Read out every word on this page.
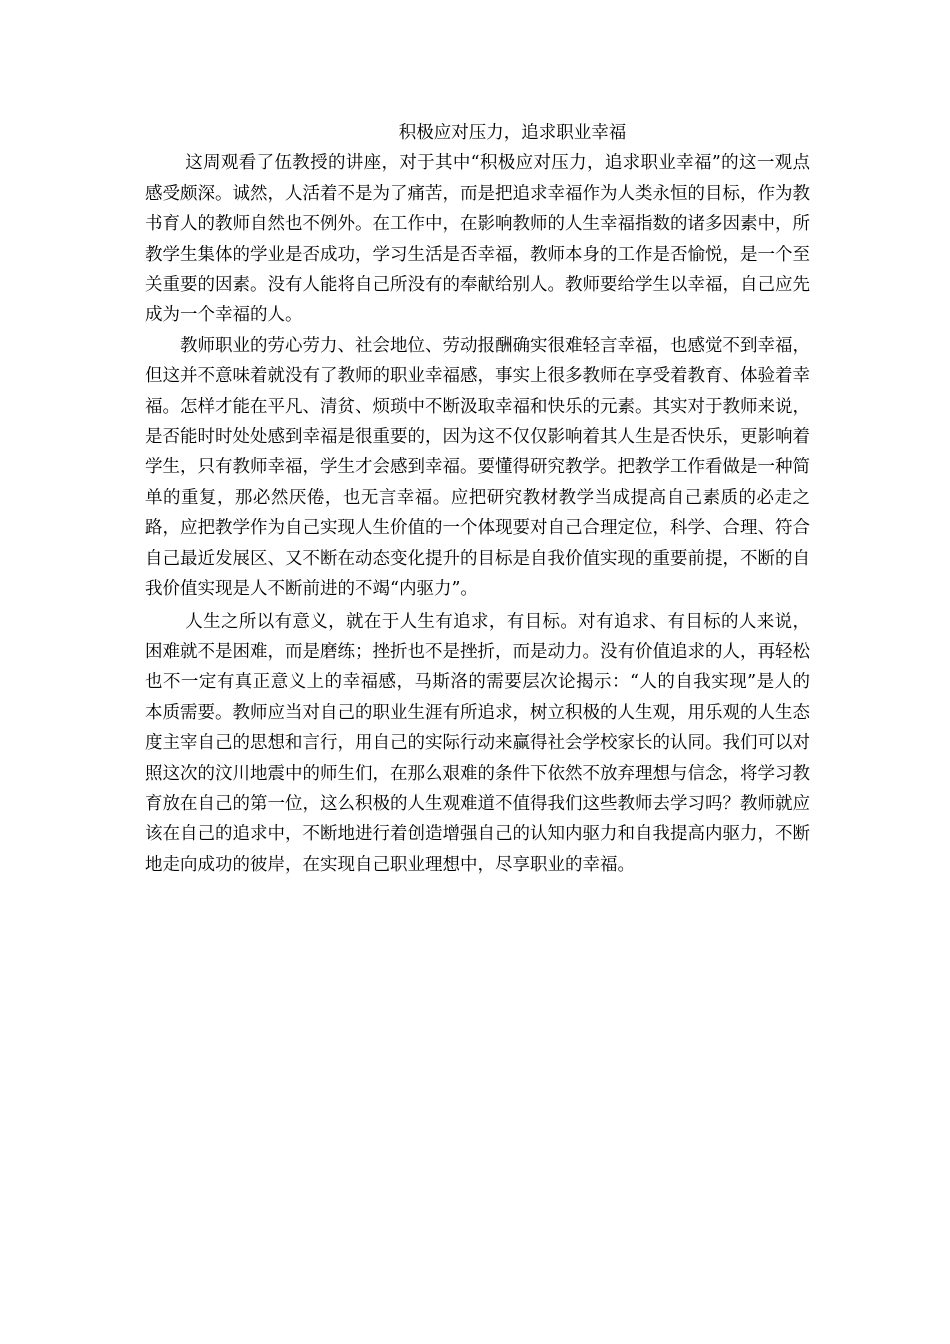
积极应对压力，追求职业幸福

这周观看了伍教授的讲座，对于其中“积极应对压力，追求职业幸福”的这一观点感受颇深。诚然，人活着不是为了痛苦，而是把追求幸福作为人类永恒的目标，作为教书育人的教师自然也不例外。在工作中，在影响教师的人生幸福指数的诸多因素中，所教学生集体的学业是否成功，学习生活是否幸福，教师本身的工作是否愉悦，是一个至关重要的因素。没有人能将自己所没有的奉献给别人。教师要给学生以幸福，自己应先成为一个幸福的人。

教师职业的劳心劳力、社会地位、劳动报酬确实很难轻言幸福，也感觉不到幸福，但这并不意味着就没有了教师的职业幸福感，事实上很多教师在享受着教育、体验着幸福。怎样才能在平凡、清贫、烦琐中不断汲取幸福和快乐的元素。其实对于教师来说，是否能时时处处感到幸福是很重要的，因为这不仅仅影响着其人生是否快乐，更影响着学生，只有教师幸福，学生才会感到幸福。要懂得研究教学。把教学工作看做是一种简单的重复，那必然厌倦，也无言幸福。应把研究教材教学当成提高自己素质的必走之路，应把教学作为自己实现人生价值的一个体现要对自己合理定位，科学、合理、符合自己最近发展区、又不断在动态变化提升的目标是自我价值实现的重要前提，不断的自我价值实现是人不断前进的不竭“内驱力”。

人生之所以有意义，就在于人生有追求，有目标。对有追求、有目标的人来说，困难就不是困难，而是磨练；挫折也不是挫折，而是动力。没有价值追求的人，再轻松也不一定有真正意义上的幸福感，马斯洛的需要层次论揭示：“人的自我实现”是人的本质需要。教师应当对自己的职业生涯有所追求，树立积极的人生观，用乐观的人生态度主宰自己的思想和言行，用自己的实际行动来赢得社会学校家长的认同。我们可以对照这次的汶川地震中的师生们，在那么艰难的条件下依然不放弃理想与信念，将学习教育放在自己的第一位，这么积极的人生观难道不值得我们这些教师去学习吗？教师就应该在自己的追求中，不断地进行着创造增强自己的认知内驱力和自我提高内驱力，不断地走向成功的彼岸，在实现自己职业理想中，尽享职业的幸福。
